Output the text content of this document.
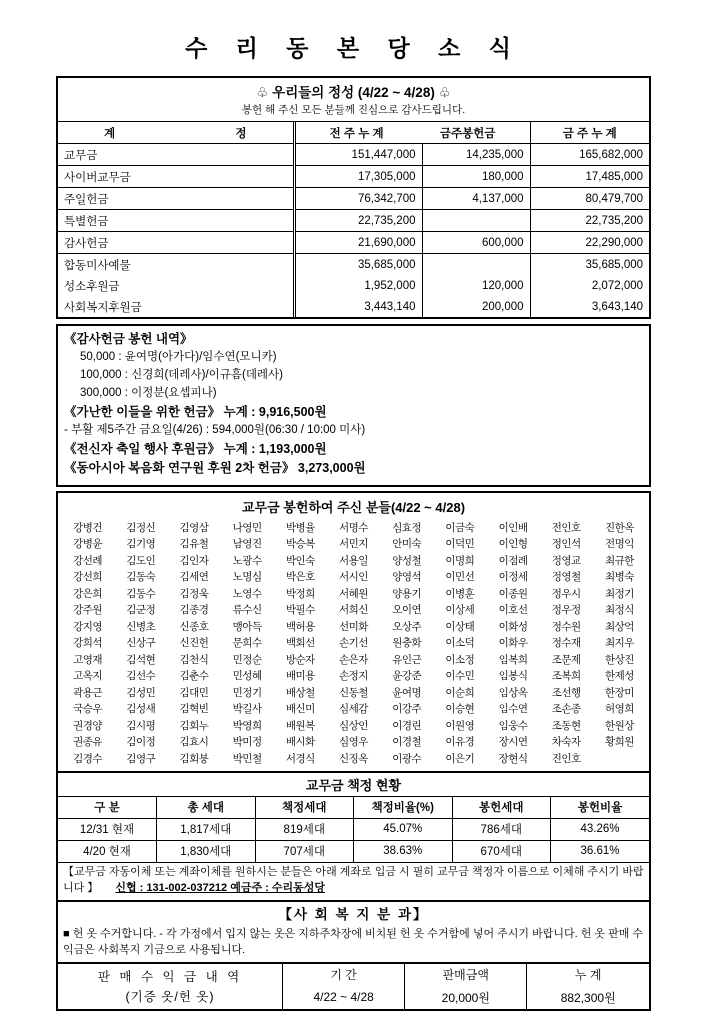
수 리 동 본 당 소 식
♧ 우리들의 정성 (4/22 ~ 4/28) ♧
봉헌 해 주신 모든 분들께 진심으로 감사드립니다.
계 정	전 주 누 계 금주봉헌금		금 주 누 계
교무금	151,447,000	14,235,000	165,682,000
사이버교무금	17,305,000	180,000	17,485,000
주일헌금	76,342,700	4,137,000	80,479,700
특별헌금	22,735,200		22,735,200
감사헌금	21,690,000	600,000	22,290,000
합동미사예물	35,685,000		35,685,000
성소후원금	1,952,000	120,000	2,072,000
사회복지후원금	3,443,140	200,000	3,643,140
《감사헌금 봉헌 내역》
50,000 : 윤여명(아가다)/임수연(모니카)
100,000 : 신경희(데레사)/이규흠(데레사)
300,000 : 이정분(요셉피나)
《가난한 이들을 위한 헌금》 누계 : 9,916,500원
- 부활 제5주간 금요일(4/26) : 594,000원(06:30 / 10:00 미사)
《전신자 축일 행사 후원금》 누계 : 1,193,000원
《동아시아 복음화 연구원 후원 2차 헌금》 3,273,000원
교무금 봉헌하여 주신 분들(4/22 ~ 4/28)
강병건	김정신	김영삼	나영민	박병율	서명수	심효정	이금숙	이인배	전인호	진한옥
강병윤	김기영	김유철	남영진	박승복	서민지	안미숙	이덕민	이인형	정인석	전명익
강선례	김도인	김인자	노광수	박인숙	서용일	양성철	이명희	이점례	정영교	최규한
강선희	김동숙	김세연	노명심	박은호	서시인	양영석	이민선	이정세	정영철	최병숙
강은희	김동수	김정욱	노영수	박정희	서혜원	양용기	이병훈	이종원	정우시	최정기
강주원	김군정	김종경	류수신	박필수	서희신	오이연	이상세	이호선	정우정	최정식
강지영	신병초	신종호	맹아득	백허용	선미화	오상주	이상태	이화성	정수원	최상억
강희석	신상구	신진헌	문희수	백회선	손기선	원충화	이소덕	이화우	정수재	최지우
고영재	김석현	김천식	민정순	방순자	손은자	유인근	이소정	임복희	조문제	한상진
고옥지	김선수	김춘수	민성혜	배미용	손정지	윤강준	이수민	임봉식	조복희	한제성
곽용근	김성민	김대민	민정기	배상철	신동철	윤여명	이순희	임상옥	조선행	한장미
국승우	김성새	김혁빈	박길사	배신미	심세감	이강주	이승현	임수연	조손종	허영희
권경양	김시평	김회누	박영희	배원복	심상인	이경린	이원영	임웅수	조동현	한원상
권종유	김이정	김효시	박미정	배시화	심영우	이경철	이유경	장시연	차숙자	황희원
김경수	김영구	김회붕	박민철	서경식	신징옥	이광수	이은기	장현식	진인호
교무금 책정 현황					
구 분	총 세대	책정세대	책정비율(%)	봉헌세대	봉헌비율
12/31 현재	1,817세대	819세대	45.07%	786세대	43.26%
4/20 현재	1,830세대	707세대	38.63%	670세대	36.61%
【교무금 자동이체 또는 계좌이체를 원하시는 분들은 아래 계좌로 입금 시 필히 교무금 책정자 이름으로 이체해 주시기 바랍니다 】 신협 : 131-002-037212 예금주 : 수리동성당
【사 회 복 지 분 과】
■ 헌 옷 수거합니다. - 각 가정에서 입지 않는 옷은 지하주차장에 비치된 헌 옷 수거함에 넣어 주시기 바랍니다. 헌 옷 판매 수익금은 사회복지 기금으로 사용됩니다.
판 매 수 익 금 내 역
(기증 옷/헌 옷)	기 간	판매금액	누 계
	4/22 ~ 4/28	20,000원	882,300원
